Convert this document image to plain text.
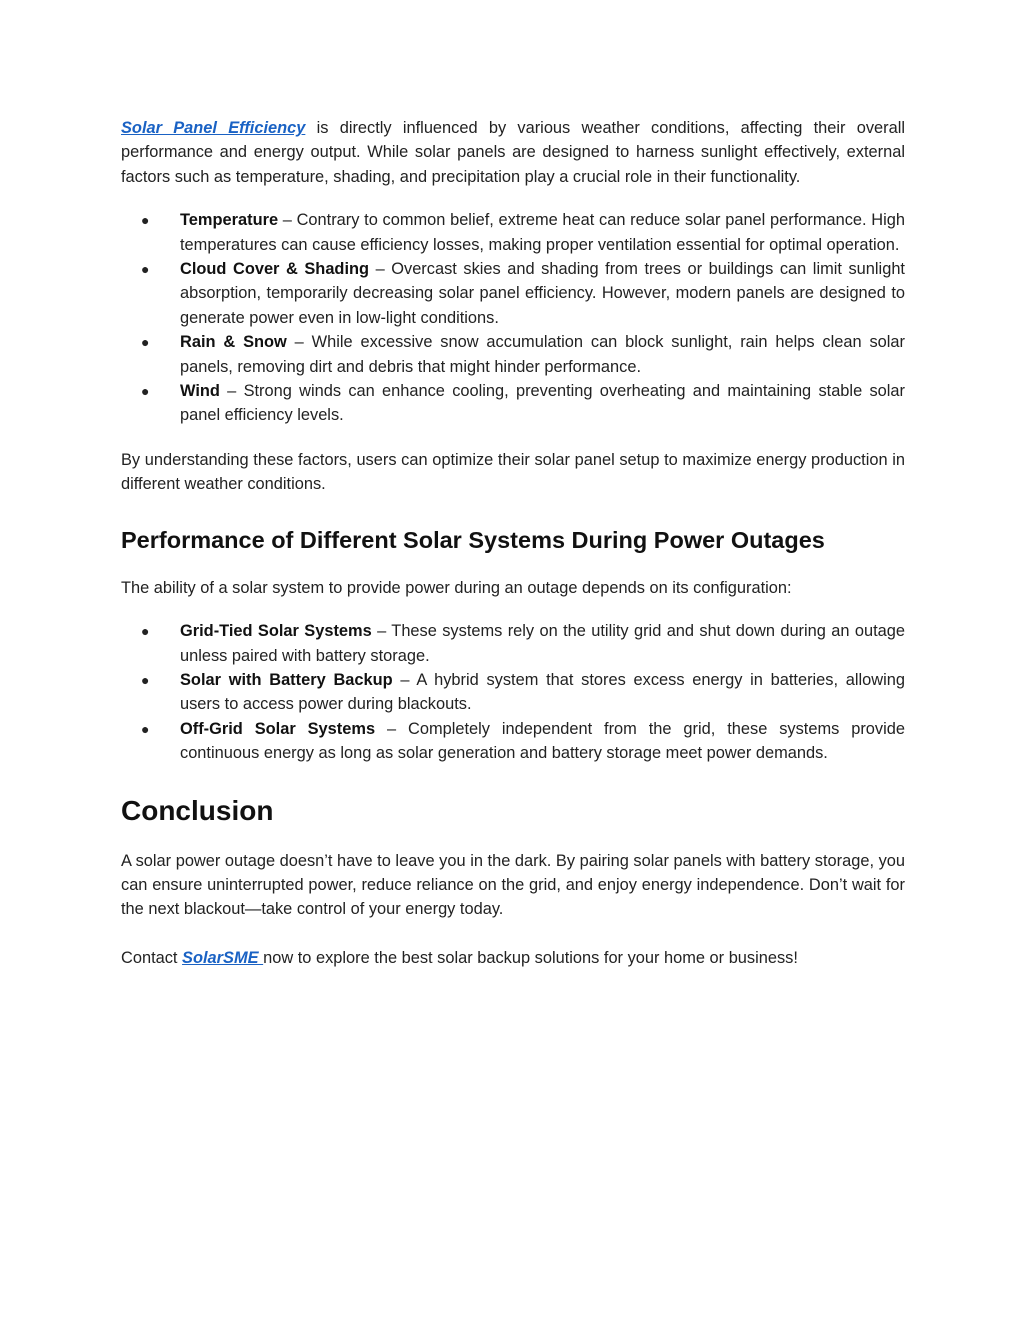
Solar Panel Efficiency is directly influenced by various weather conditions, affecting their overall performance and energy output. While solar panels are designed to harness sunlight effectively, external factors such as temperature, shading, and precipitation play a crucial role in their functionality.

● Temperature – Contrary to common belief, extreme heat can reduce solar panel performance. High temperatures can cause efficiency losses, making proper ventilation essential for optimal operation.
● Cloud Cover & Shading – Overcast skies and shading from trees or buildings can limit sunlight absorption, temporarily decreasing solar panel efficiency. However, modern panels are designed to generate power even in low-light conditions.
● Rain & Snow – While excessive snow accumulation can block sunlight, rain helps clean solar panels, removing dirt and debris that might hinder performance.
● Wind – Strong winds can enhance cooling, preventing overheating and maintaining stable solar panel efficiency levels.

By understanding these factors, users can optimize their solar panel setup to maximize energy production in different weather conditions.

Performance of Different Solar Systems During Power Outages

The ability of a solar system to provide power during an outage depends on its configuration:

● Grid-Tied Solar Systems – These systems rely on the utility grid and shut down during an outage unless paired with battery storage.
● Solar with Battery Backup – A hybrid system that stores excess energy in batteries, allowing users to access power during blackouts.
● Off-Grid Solar Systems – Completely independent from the grid, these systems provide continuous energy as long as solar generation and battery storage meet power demands.
Conclusion

A solar power outage doesn’t have to leave you in the dark. By pairing solar panels with battery storage, you can ensure uninterrupted power, reduce reliance on the grid, and enjoy energy independence. Don’t wait for the next blackout—take control of your energy today.

Contact SolarSME now to explore the best solar backup solutions for your home or business!
